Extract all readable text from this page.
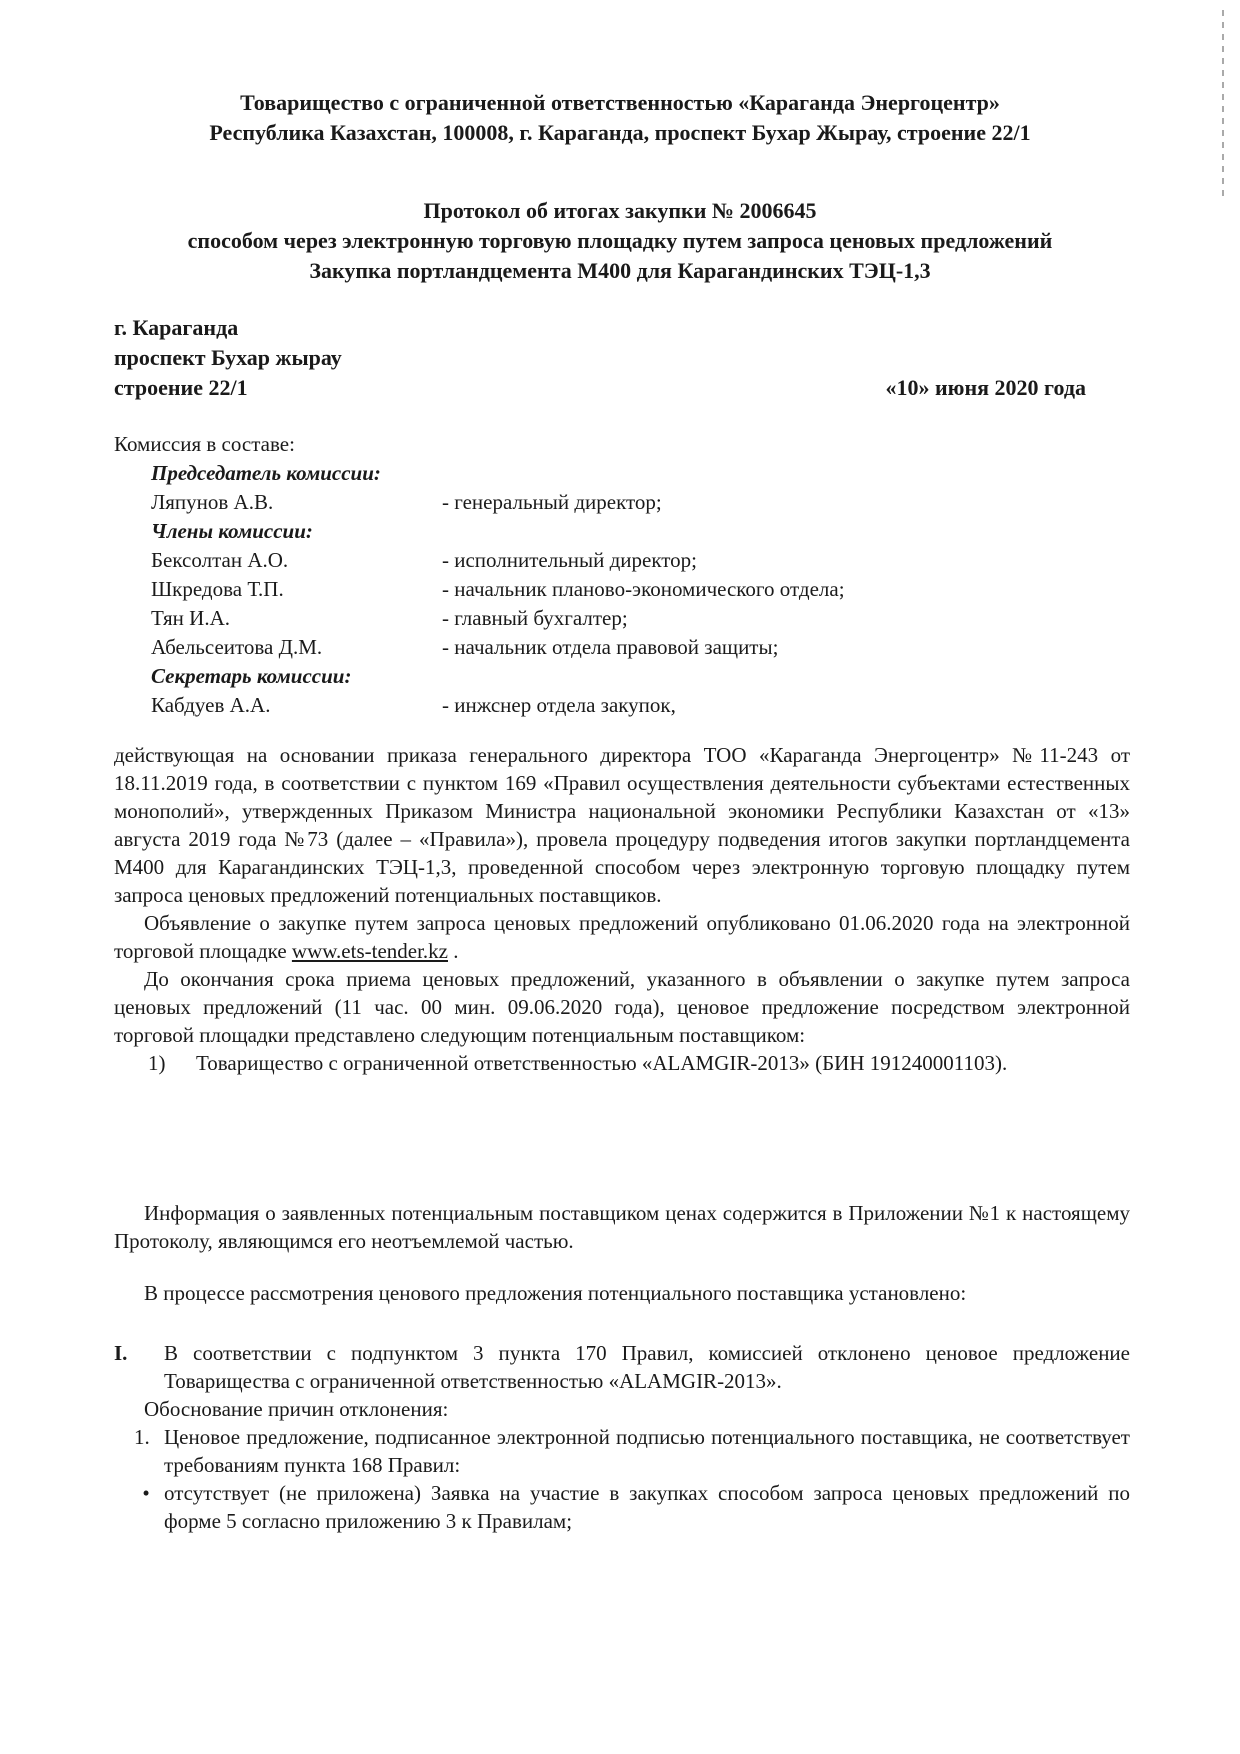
Товарищество с ограниченной ответственностью «Караганда Энергоцентр»
Республика Казахстан, 100008, г. Караганда, проспект Бухар Жырау, строение 22/1
Протокол об итогах закупки № 2006645
способом через электронную торговую площадку путем запроса ценовых предложений
Закупка портландцемента М400 для Карагандинских ТЭЦ-1,3
г. Караганда
проспект Бухар жырау
строение 22/1	«10» июня 2020 года

Комиссия в составе:

Председатель комиссии:
Ляпунов А.В.	- генеральный директор;
Члены комиссии:
Бексолтан А.О.	- исполнительный директор;
Шкредова Т.П.	- начальник планово-экономического отдела;
Тян И.А.	- главный бухгалтер;
Абельсеитова Д.М.	- начальник отдела правовой защиты;
Секретарь комиссии:
Кабдуев А.А.	- инжснер отдела закупок,

действующая на основании приказа генерального директора ТОО «Караганда Энергоцентр» №11-243 от 18.11.2019 года, в соответствии с пунктом 169 «Правил осуществления деятельности субъектами естественных монополий», утвержденных Приказом Министра национальной экономики Республики Казахстан от «13» августа 2019 года №73 (далее – «Правила»), провела процедуру подведения итогов закупки портландцемента М400 для Карагандинских ТЭЦ-1,3, проведенной способом через электронную торговую площадку путем запроса ценовых предложений потенциальных поставщиков.

Объявление о закупке путем запроса ценовых предложений опубликовано 01.06.2020 года на электронной торговой площадке www.ets-tender.kz .

До окончания срока приема ценовых предложений, указанного в объявлении о закупке путем запроса ценовых предложений (11 час. 00 мин. 09.06.2020 года), ценовое предложение посредством электронной торговой площадки представлено следующим потенциальным поставщиком:

1)	Товарищество с ограниченной ответственностью «ALAMGIR-2013» (БИН 191240001103).

Информация о заявленных потенциальным поставщиком ценах содержится в Приложении №1 к настоящему Протоколу, являющимся его неотъемлемой частью.

В процессе рассмотрения ценового предложения потенциального поставщика установлено:

I.	В соответствии с подпунктом 3 пункта 170 Правил, комиссией отклонено ценовое предложение Товарищества с ограниченной ответственностью «ALAMGIR-2013».

Обоснование причин отклонения:

1. Ценовое предложение, подписанное электронной подписью потенциального поставщика, не соответствует требованиям пункта 168 Правил:
• отсутствует (не приложена) Заявка на участие в закупках способом запроса ценовых предложений по форме 5 согласно приложению 3 к Правилам;
